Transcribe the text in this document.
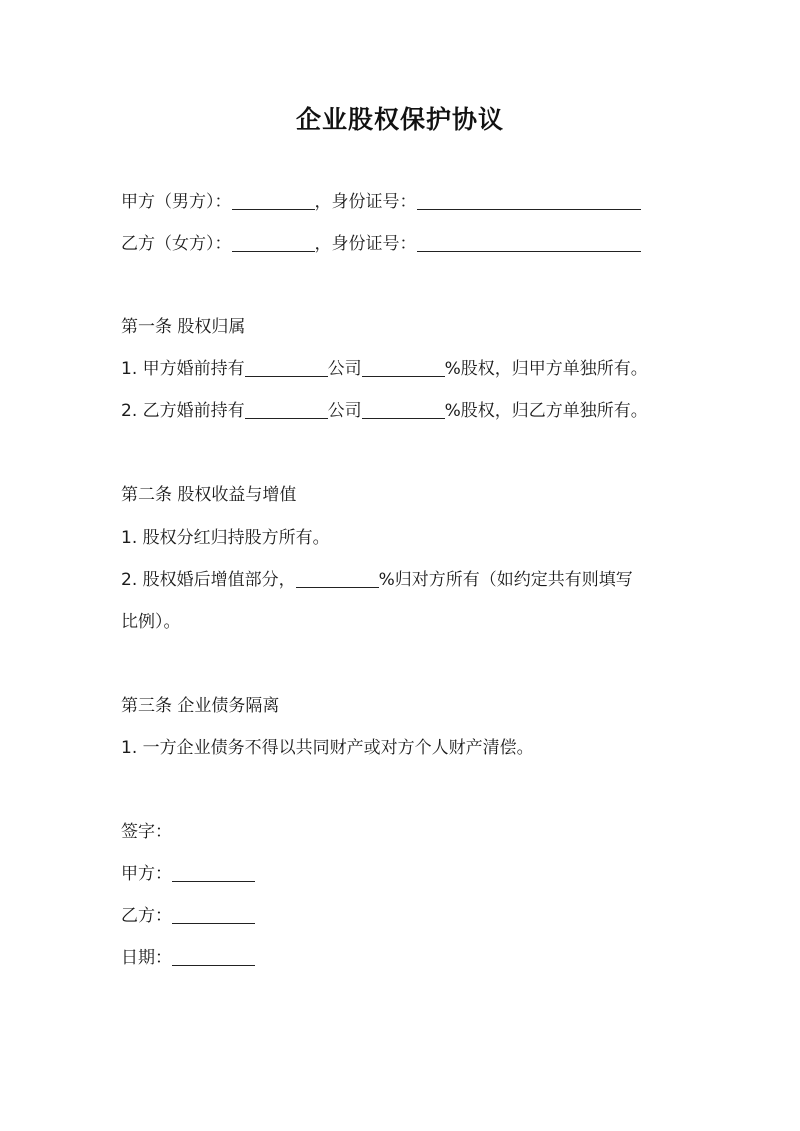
企业股权保护协议
甲方（男方）：	，身份证号：
乙方（女方）：	，身份证号：
第一条 股权归属
1. 甲方婚前持有	公司	%股权，归甲方单独所有。
2. 乙方婚前持有	公司	%股权，归乙方单独所有。
第二条 股权收益与增值
1. 股权分红归持股方所有。
2. 股权婚后增值部分，	%归对方所有（如约定共有则填写
比例）。
第三条 企业债务隔离
1. 一方企业债务不得以共同财产或对方个人财产清偿。
签字：
甲方：
乙方：
日期：
